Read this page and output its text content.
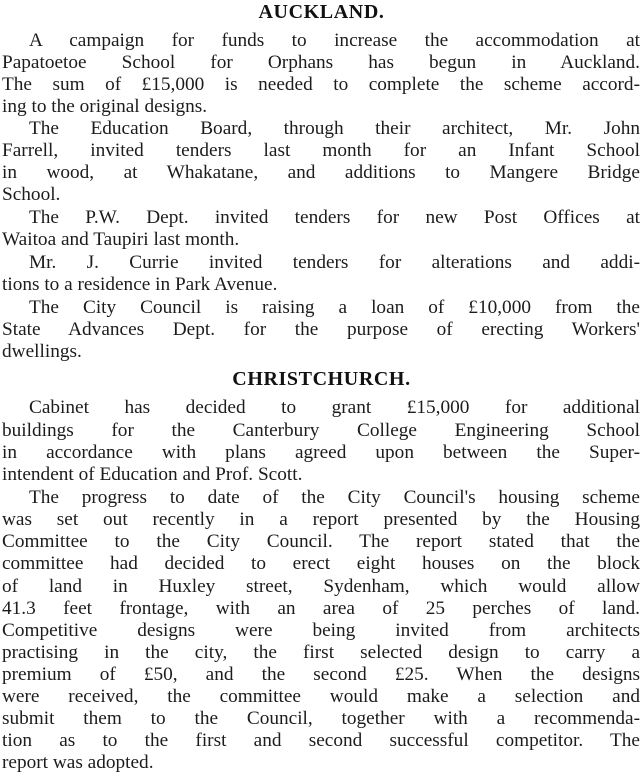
AUCKLAND.
A campaign for funds to increase the accommodation at
Papatoetoe School for Orphans has begun in Auckland.
The sum of £15,000 is needed to complete the scheme accord-
ing to the original designs.
The Education Board, through their architect, Mr. John
Farrell, invited tenders last month for an Infant School
in wood, at Whakatane, and additions to Mangere Bridge
School.
The P.W. Dept. invited tenders for new Post Offices at
Waitoa and Taupiri last month.
Mr. J. Currie invited tenders for alterations and addi-
tions to a residence in Park Avenue.
The City Council is raising a loan of £10,000 from the
State Advances Dept. for the purpose of erecting Workers'
dwellings.
CHRISTCHURCH.
Cabinet has decided to grant £15,000 for additional
buildings for the Canterbury College Engineering School
in accordance with plans agreed upon between the Super-
intendent of Education and Prof. Scott.
The progress to date of the City Council's housing scheme
was set out recently in a report presented by the Housing
Committee to the City Council. The report stated that the
committee had decided to erect eight houses on the block
of land in Huxley street, Sydenham, which would allow
41.3 feet frontage, with an area of 25 perches of land.
Competitive designs were being invited from architects
practising in the city, the first selected design to carry a
premium of £50, and the second £25. When the designs
were received, the committee would make a selection and
submit them to the Council, together with a recommenda-
tion as to the first and second successful competitor. The
report was adopted.
